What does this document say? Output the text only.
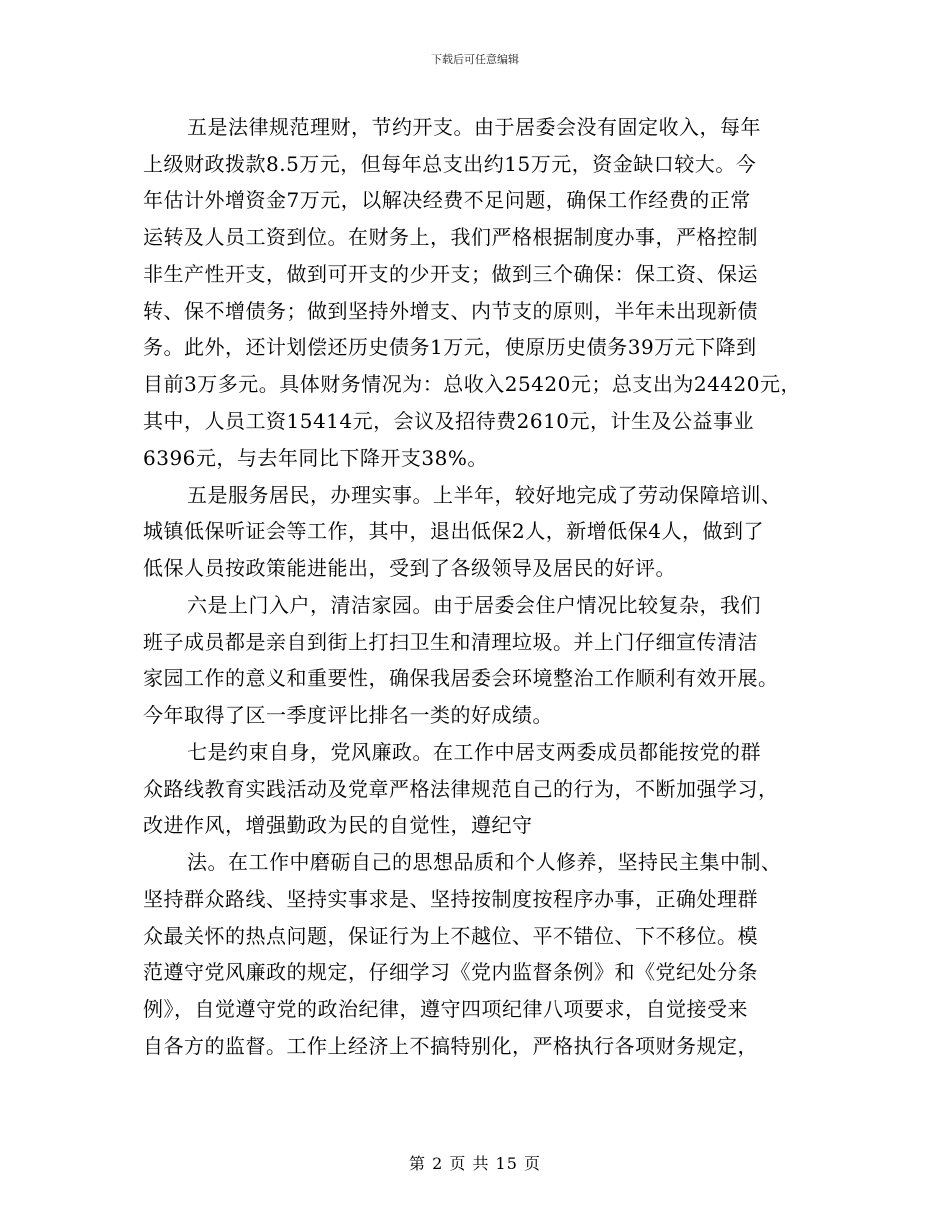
下载后可任意编辑
五是法律规范理财，节约开支。由于居委会没有固定收入，每年
上级财政拨款8.5万元，但每年总支出约15万元，资金缺口较大。今
年估计外增资金7万元，以解决经费不足问题，确保工作经费的正常
运转及人员工资到位。在财务上，我们严格根据制度办事，严格控制
非生产性开支，做到可开支的少开支；做到三个确保：保工资、保运
转、保不增债务；做到坚持外增支、内节支的原则，半年未出现新债
务。此外，还计划偿还历史债务1万元，使原历史债务39万元下降到
目前3万多元。具体财务情况为：总收入25420元；总支出为24420元，
其中，人员工资15414元，会议及招待费2610元，计生及公益事业
6396元，与去年同比下降开支38%。
五是服务居民，办理实事。上半年，较好地完成了劳动保障培训、
城镇低保听证会等工作，其中，退出低保2人，新增低保4人，做到了
低保人员按政策能进能出，受到了各级领导及居民的好评。
六是上门入户，清洁家园。由于居委会住户情况比较复杂，我们
班子成员都是亲自到街上打扫卫生和清理垃圾。并上门仔细宣传清洁
家园工作的意义和重要性，确保我居委会环境整治工作顺利有效开展。
今年取得了区一季度评比排名一类的好成绩。
七是约束自身，党风廉政。在工作中居支两委成员都能按党的群
众路线教育实践活动及党章严格法律规范自己的行为，不断加强学习，
改进作风，增强勤政为民的自觉性，遵纪守
法。在工作中磨砺自己的思想品质和个人修养，坚持民主集中制、
坚持群众路线、坚持实事求是、坚持按制度按程序办事，正确处理群
众最关怀的热点问题，保证行为上不越位、平不错位、下不移位。模
范遵守党风廉政的规定，仔细学习《党内监督条例》和《党纪处分条
例》，自觉遵守党的政治纪律，遵守四项纪律八项要求，自觉接受来
自各方的监督。工作上经济上不搞特别化，严格执行各项财务规定，
第 2 页 共 15 页
